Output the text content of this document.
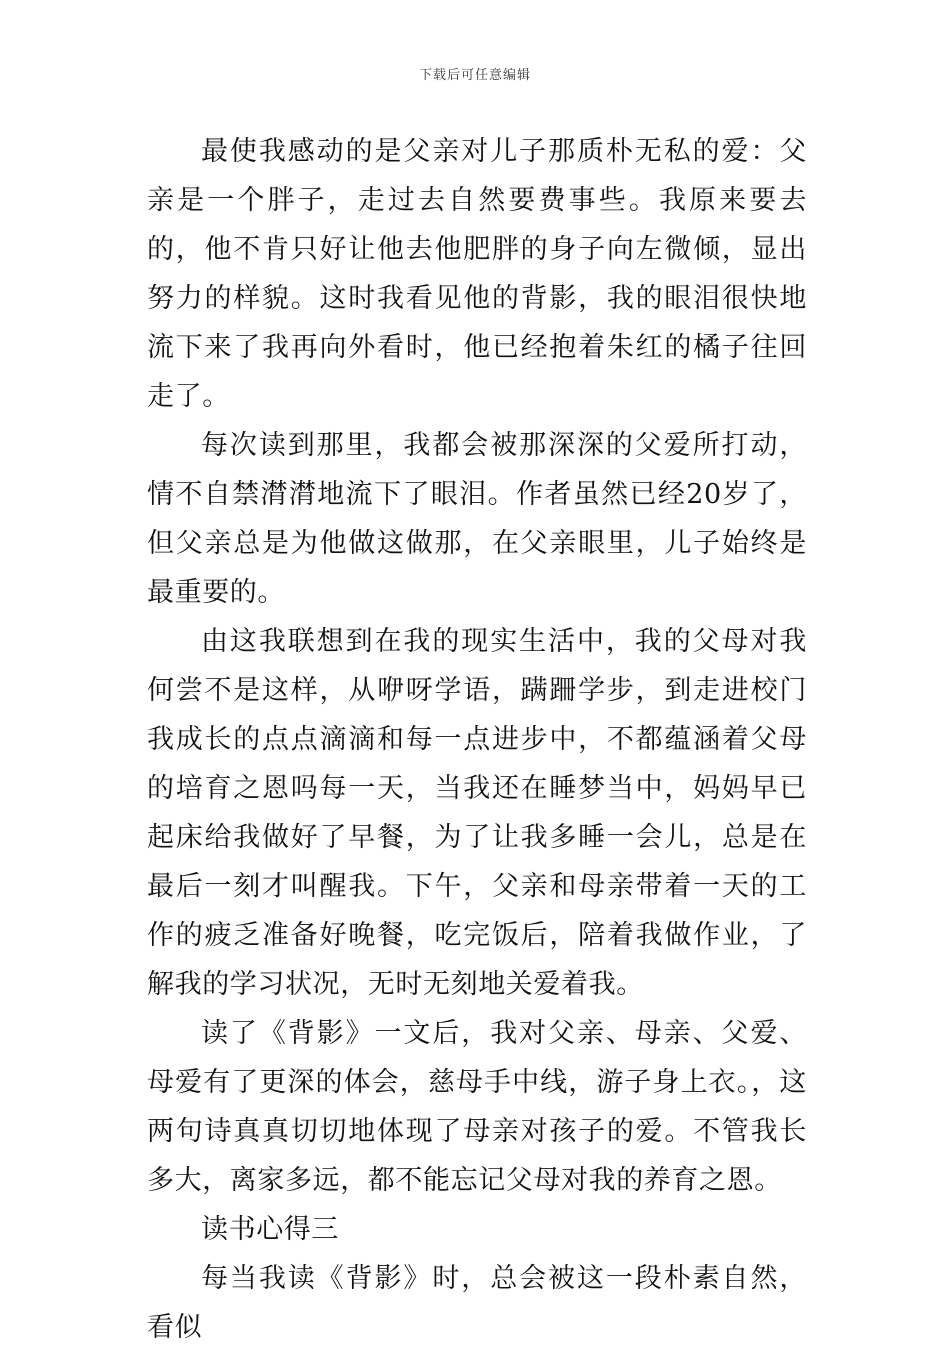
下载后可任意编辑

最使我感动的是父亲对儿子那质朴无私的爱：父亲是一个胖子，走过去自然要费事些。我原来要去的，他不肯只好让他去他肥胖的身子向左微倾，显出努力的样貌。这时我看见他的背影，我的眼泪很快地流下来了我再向外看时，他已经抱着朱红的橘子往回走了。

每次读到那里，我都会被那深深的父爱所打动，情不自禁潸潸地流下了眼泪。作者虽然已经20岁了，但父亲总是为他做这做那，在父亲眼里，儿子始终是最重要的。

由这我联想到在我的现实生活中，我的父母对我何尝不是这样，从咿呀学语，蹒跚学步，到走进校门我成长的点点滴滴和每一点进步中，不都蕴涵着父母的培育之恩吗每一天，当我还在睡梦当中，妈妈早已起床给我做好了早餐，为了让我多睡一会儿，总是在最后一刻才叫醒我。下午，父亲和母亲带着一天的工作的疲乏准备好晚餐，吃完饭后，陪着我做作业，了解我的学习状况，无时无刻地关爱着我。

读了《背影》一文后，我对父亲、母亲、父爱、母爱有了更深的体会，慈母手中线，游子身上衣。，这两句诗真真切切地体现了母亲对孩子的爱。不管我长多大，离家多远，都不能忘记父母对我的养育之恩。

读书心得三

每当我读《背影》时，总会被这一段朴素自然，看似
